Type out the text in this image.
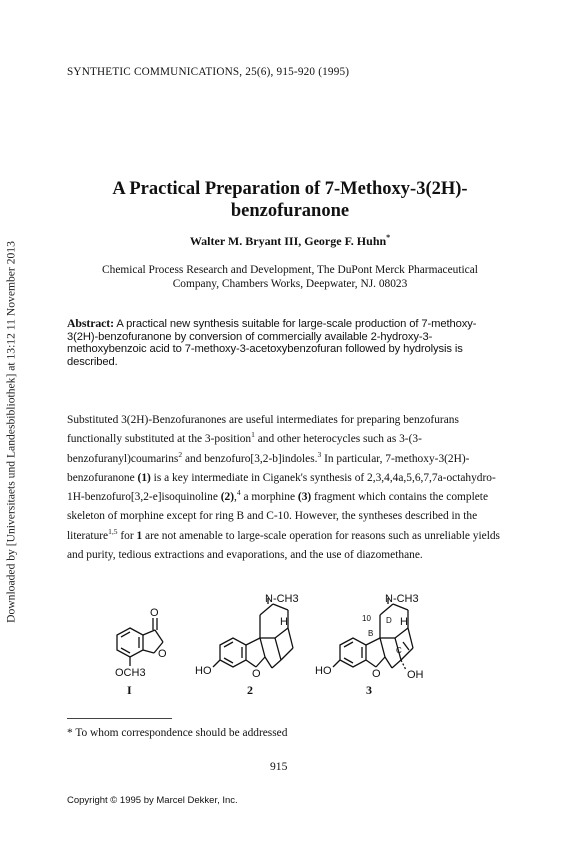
Downloaded by [Universitaets und Landesbibliothek] at 13:12 11 November 2013
SYNTHETIC COMMUNICATIONS, 25(6), 915-920 (1995)
A Practical Preparation of 7-Methoxy-3(2H)-
benzofuranone
Walter M. Bryant III, George F. Huhn*
Chemical Process Research and Development, The DuPont Merck Pharmaceutical
Company, Chambers Works, Deepwater, NJ. 08023
Abstract: A practical new synthesis suitable for large-scale production of 7-methoxy-3(2H)-benzofuranone by conversion of commercially available 2-hydroxy-3-methoxybenzoic acid to 7-methoxy-3-acetoxybenzofuran followed by hydrolysis is described.

Substituted 3(2H)-Benzofuranones are useful intermediates for preparing benzofurans functionally substituted at the 3-position$^1$ and other heterocycles such as 3-(3-benzofuranyl)coumarins$^2$ and benzofuro[3,2-b]indoles.$^3$ In particular, 7-methoxy-3(2H)-benzofuranone (1) is a key intermediate in Ciganek's synthesis of 2,3,4,4a,5,6,7,7a-octahydro-1H-benzofuro[3,2-e]isoquinoline (2),$^4$ a morphine (3) fragment which contains the complete skeleton of morphine except for ring B and C-10. However, the syntheses described in the literature$^{1,5}$ for 1 are not amenable to large-scale operation for reasons such as unreliable yields and purity, tedious extractions and evaporations, and the use of diazomethane.

O
O
OCH3
I
N-CH3
H
HO	O
2
N-CH3
H
10 D
B
C
HO	O OH
3
* To whom correspondence should be addressed
915
Copyright © 1995 by Marcel Dekker, Inc.
